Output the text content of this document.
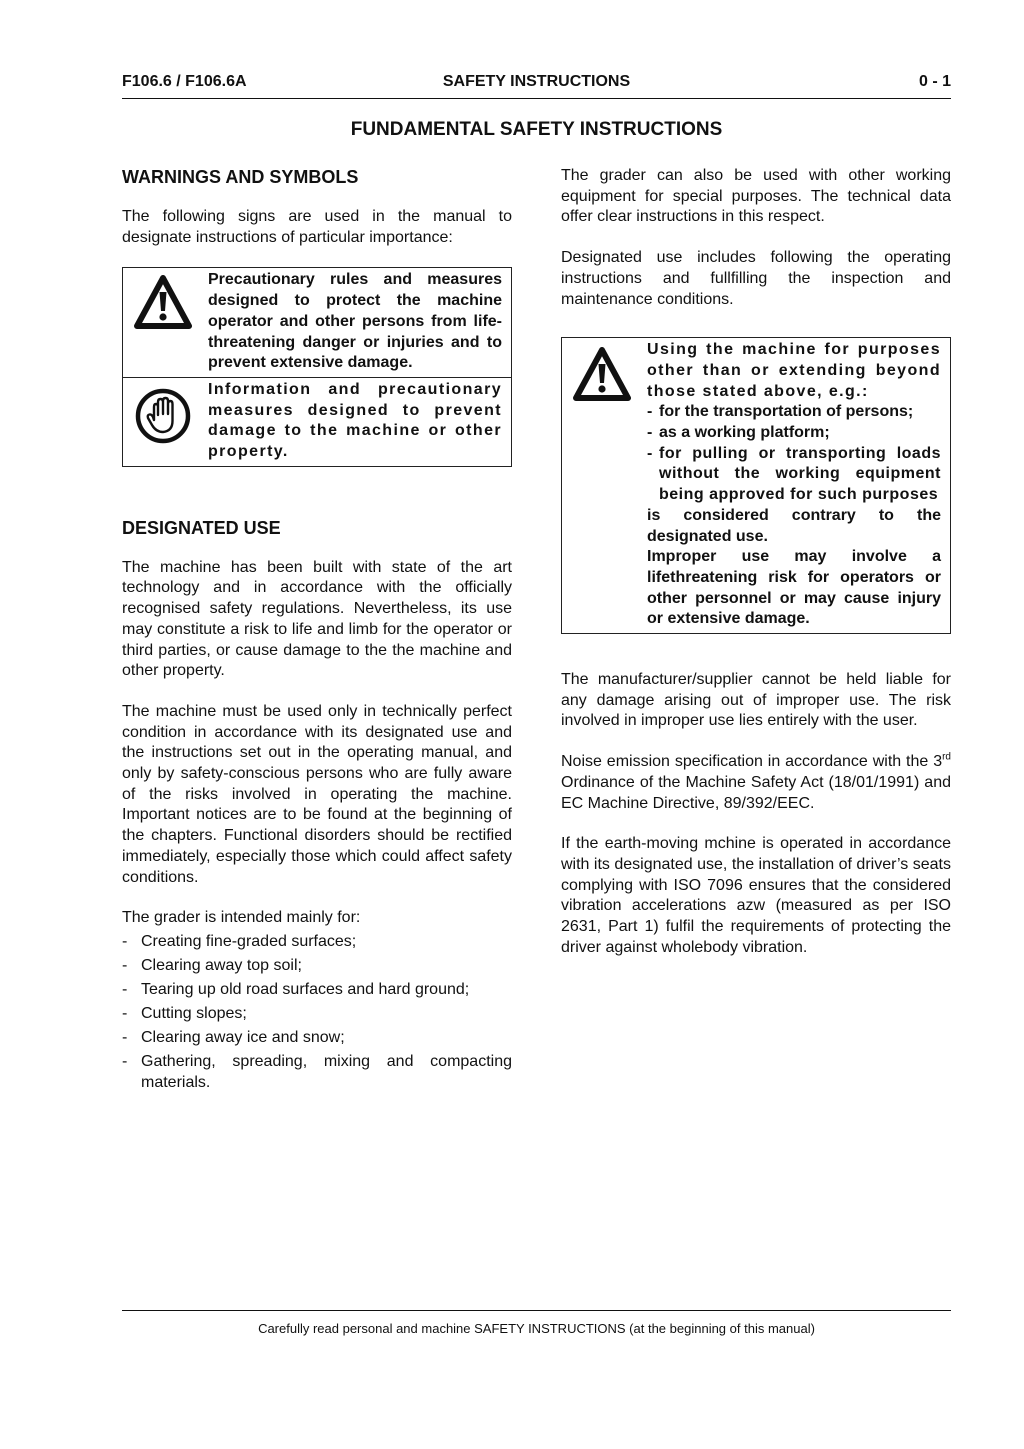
F106.6 / F106.6A	SAFETY INSTRUCTIONS	0 - 1
FUNDAMENTAL SAFETY INSTRUCTIONS
WARNINGS AND SYMBOLS

The following signs are used in the manual to designate instructions of particular importance:

Precautionary rules and measures designed to protect the machine operator and other persons from life-threatening danger or injuries and to prevent extensive damage.
Information and precautionary measures designed to prevent damage to the machine or other property.
DESIGNATED USE

The machine has been built with state of the art technology and in accordance with the officially recognised safety regulations. Nevertheless, its use may constitute a risk to life and limb for the operator or third parties, or cause damage to the the machine and other property.

The machine must be used only in technically perfect condition in accordance with its designated use and the instructions set out in the operating manual, and only by safety-conscious persons who are fully aware of the risks involved in operating the machine. Important notices are to be found at the beginning of the chapters. Functional disorders should be rectified immediately, especially those which could affect safety conditions.

The grader is intended mainly for:

- Creating fine-graded surfaces;
- Clearing away top soil;
- Tearing up old road surfaces and hard ground;
- Cutting slopes;
- Clearing away ice and snow;
- Gathering, spreading, mixing and compacting materials.

The grader can also be used with other working equipment for special purposes. The technical data offer clear instructions in this respect.

Designated use includes following the operating instructions and fullfilling the inspection and maintenance conditions.

Using the machine for purposes other than or extending beyond those stated above, e.g.:
- for the transportation of persons;
- as a working platform;
- for pulling or transporting loads without the working equipment being approved for such purposes
is considered contrary to the designated use.
Improper use may involve a lifethreatening risk for operators or other personnel or may cause injury or extensive damage.

The manufacturer/supplier cannot be held liable for any damage arising out of improper use. The risk involved in improper use lies entirely with the user.

Noise emission specification in accordance with the 3rd Ordinance of the Machine Safety Act (18/01/1991) and EC Machine Directive, 89/392/EEC.

If the earth-moving mchine is operated in accordance with its designated use, the installation of driver’s seats complying with ISO 7096 ensures that the considered vibration accelerations azw (measured as per ISO 2631, Part 1) fulfil the requirements of protecting the driver against wholebody vibration.

Carefully read personal and machine SAFETY INSTRUCTIONS (at the beginning of this manual)
